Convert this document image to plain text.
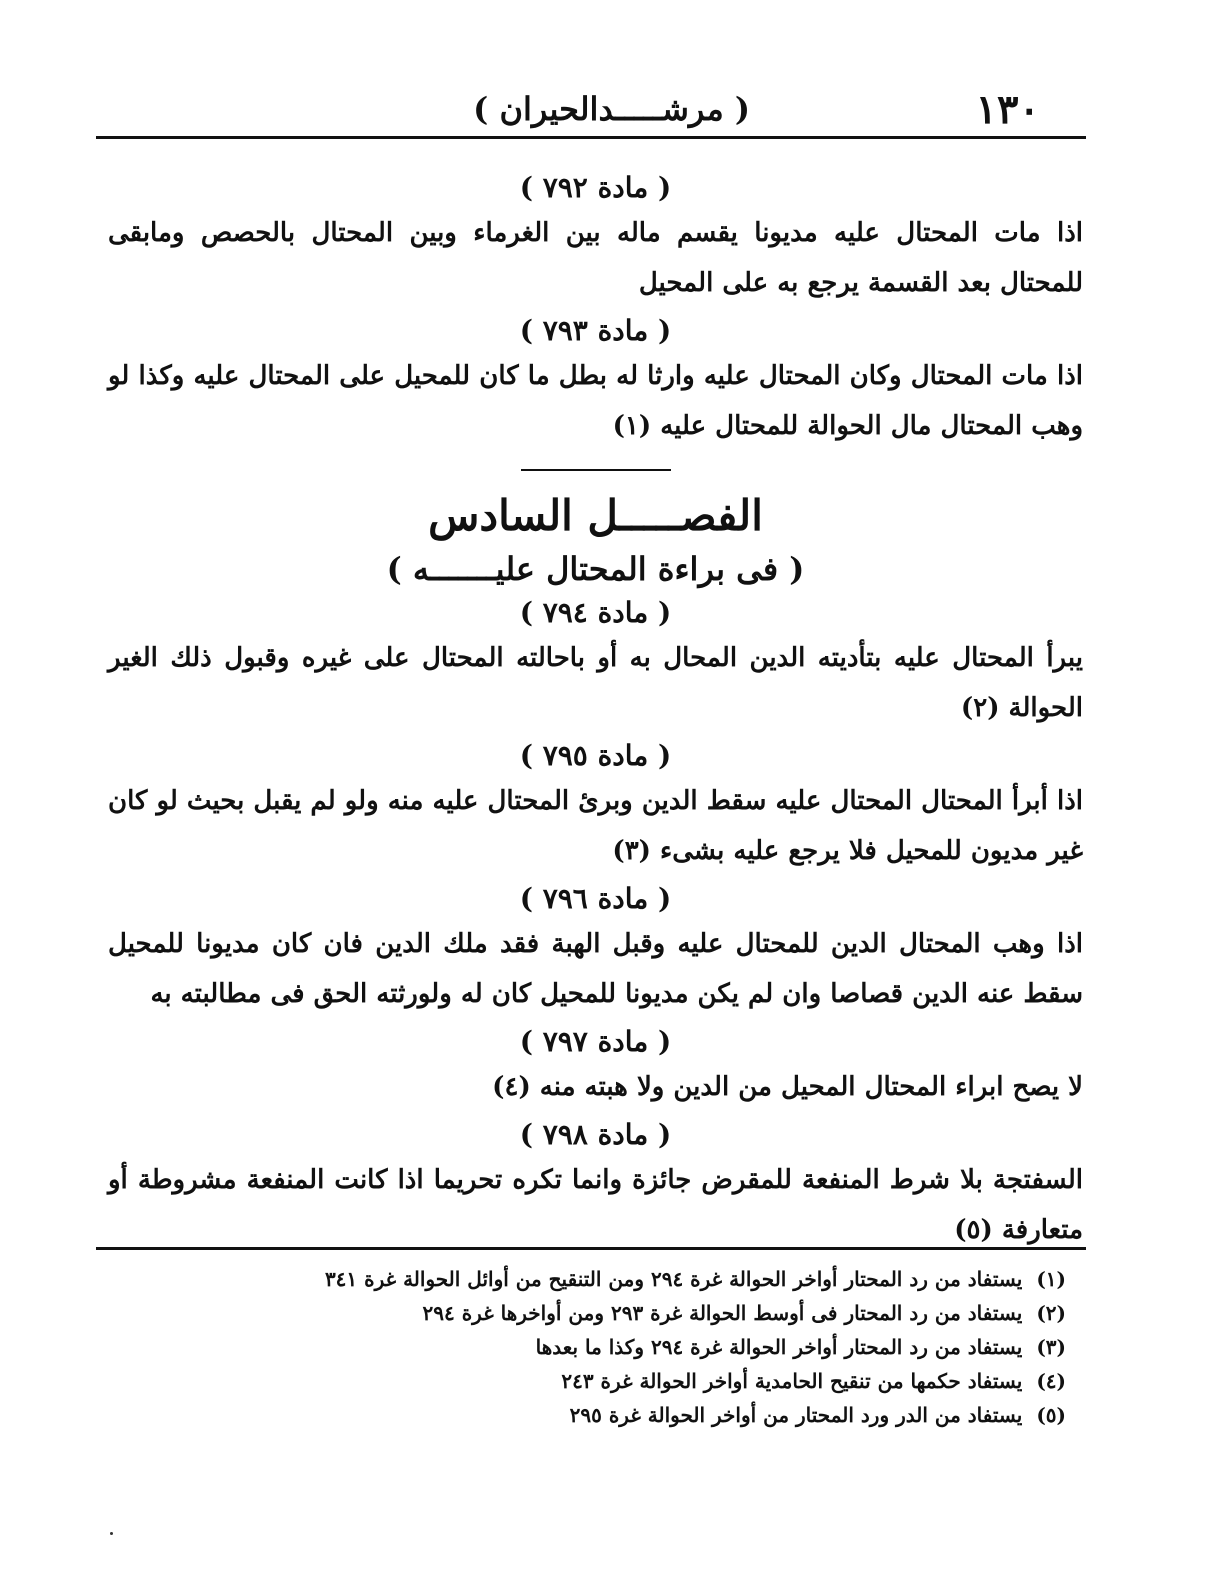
١٣٠
( مرشـــــدالحيران )
( مادة ٧٩٢ )
اذا مات المحتال عليه مديونا يقسم ماله بين الغرماء وبين المحتال بالحصص ومابقى للمحتال بعد القسمة يرجع به على المحيل
( مادة ٧٩٣ )
اذا مات المحتال وكان المحتال عليه وارثا له بطل ما كان للمحيل على المحتال عليه وكذا لو وهب المحتال مال الحوالة للمحتال عليه (١)
الفصـــــل السادس
( فى براءة المحتال عليـــــــه )
( مادة ٧٩٤ )
يبرأ المحتال عليه بتأديته الدين المحال به أو باحالته المحتال على غيره وقبول ذلك الغير الحوالة (٢)
( مادة ٧٩٥ )
اذا أبرأ المحتال المحتال عليه سقط الدين وبرئ المحتال عليه منه ولو لم يقبل بحيث لو كان غير مديون للمحيل فلا يرجع عليه بشىء (٣)
( مادة ٧٩٦ )
اذا وهب المحتال الدين للمحتال عليه وقبل الهبة فقد ملك الدين فان كان مديونا للمحيل سقط عنه الدين قصاصا وان لم يكن مديونا للمحيل كان له ولورثته الحق فى مطالبته به
( مادة ٧٩٧ )
لا يصح ابراء المحتال المحيل من الدين ولا هبته منه (٤)
( مادة ٧٩٨ )
السفتجة بلا شرط المنفعة للمقرض جائزة وانما تكره تحريما اذا كانت المنفعة مشروطة أو متعارفة (٥)
(١)يستفاد من رد المحتار أواخر الحوالة غرة ٢٩٤ ومن التنقيح من أوائل الحوالة غرة ٣٤١
(٢)يستفاد من رد المحتار فى أوسط الحوالة غرة ٢٩٣ ومن أواخرها غرة ٢٩٤
(٣)يستفاد من رد المحتار أواخر الحوالة غرة ٢٩٤ وكذا ما بعدها
(٤)يستفاد حكمها من تنقيح الحامدية أواخر الحوالة غرة ٢٤٣
(٥)يستفاد من الدر ورد المحتار من أواخر الحوالة غرة ٢٩٥
